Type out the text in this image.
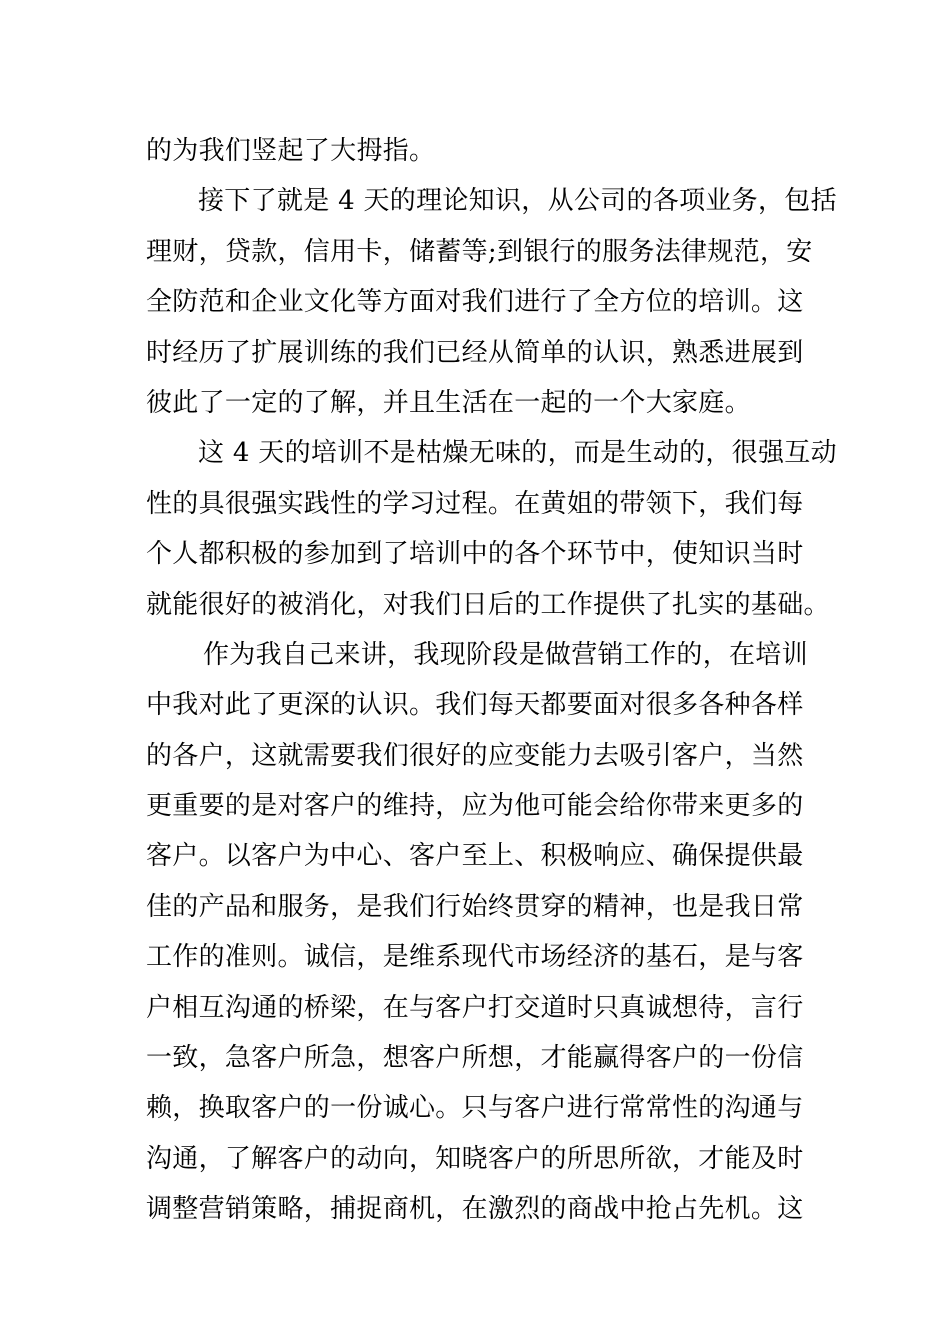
的为我们竖起了大拇指。
接下了就是 4 天的理论知识，从公司的各项业务，包括
理财，贷款，信用卡，储蓄等;到银行的服务法律规范，安
全防范和企业文化等方面对我们进行了全方位的培训。这
时经历了扩展训练的我们已经从简单的认识，熟悉进展到
彼此了一定的了解，并且生活在一起的一个大家庭。
这 4 天的培训不是枯燥无味的，而是生动的，很强互动
性的具很强实践性的学习过程。在黄姐的带领下，我们每
个人都积极的参加到了培训中的各个环节中，使知识当时
就能很好的被消化，对我们日后的工作提供了扎实的基础。
作为我自己来讲，我现阶段是做营销工作的，在培训
中我对此了更深的认识。我们每天都要面对很多各种各样
的各户，这就需要我们很好的应变能力去吸引客户，当然
更重要的是对客户的维持，应为他可能会给你带来更多的
客户。以客户为中心、客户至上、积极响应、确保提供最
佳的产品和服务，是我们行始终贯穿的精神，也是我日常
工作的准则。诚信，是维系现代市场经济的基石，是与客
户相互沟通的桥梁，在与客户打交道时只真诚想待，言行
一致，急客户所急，想客户所想，才能赢得客户的一份信
赖，换取客户的一份诚心。只与客户进行常常性的沟通与
沟通，了解客户的动向，知晓客户的所思所欲，才能及时
调整营销策略，捕捉商机，在激烈的商战中抢占先机。这
